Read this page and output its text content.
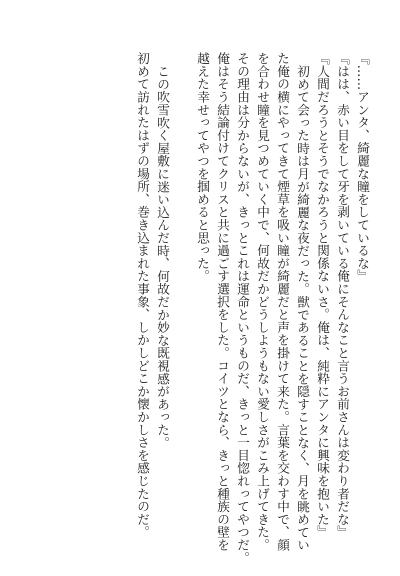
『……アンタ、綺麗な瞳をしているな』
『はは、赤い目をして牙を剥いている俺にそんなこと言うお前さんは変わり者だな』
『人間だろうとそうでなかろうと関係ないさ。俺は、純粋にアンタに興味を抱いた』
初めて会った時は月が綺麗な夜だった。獣であることを隠すことなく、月を眺めてい
た俺の横にやってきて煙草を吸い瞳が綺麗だと声を掛けて来た。言葉を交わす中で、顔
を合わせ瞳を見つめていく中で、何故だかどうしようもない愛しさがこみ上げてきた。
その理由は分からないが、きっとこれは運命というものだ、きっと一目惚れってやつだ。
俺はそう結論付けてクリスと共に過ごす選択をした。コイツとなら、きっと種族の壁を
越えた幸せってやつを掴めると思った。
この吹雪吹く屋敷に迷い込んだ時、何故だか妙な既視感があった。
初めて訪れたはずの場所、巻き込まれた事象、しかしどこか懐かしさを感じたのだ。
